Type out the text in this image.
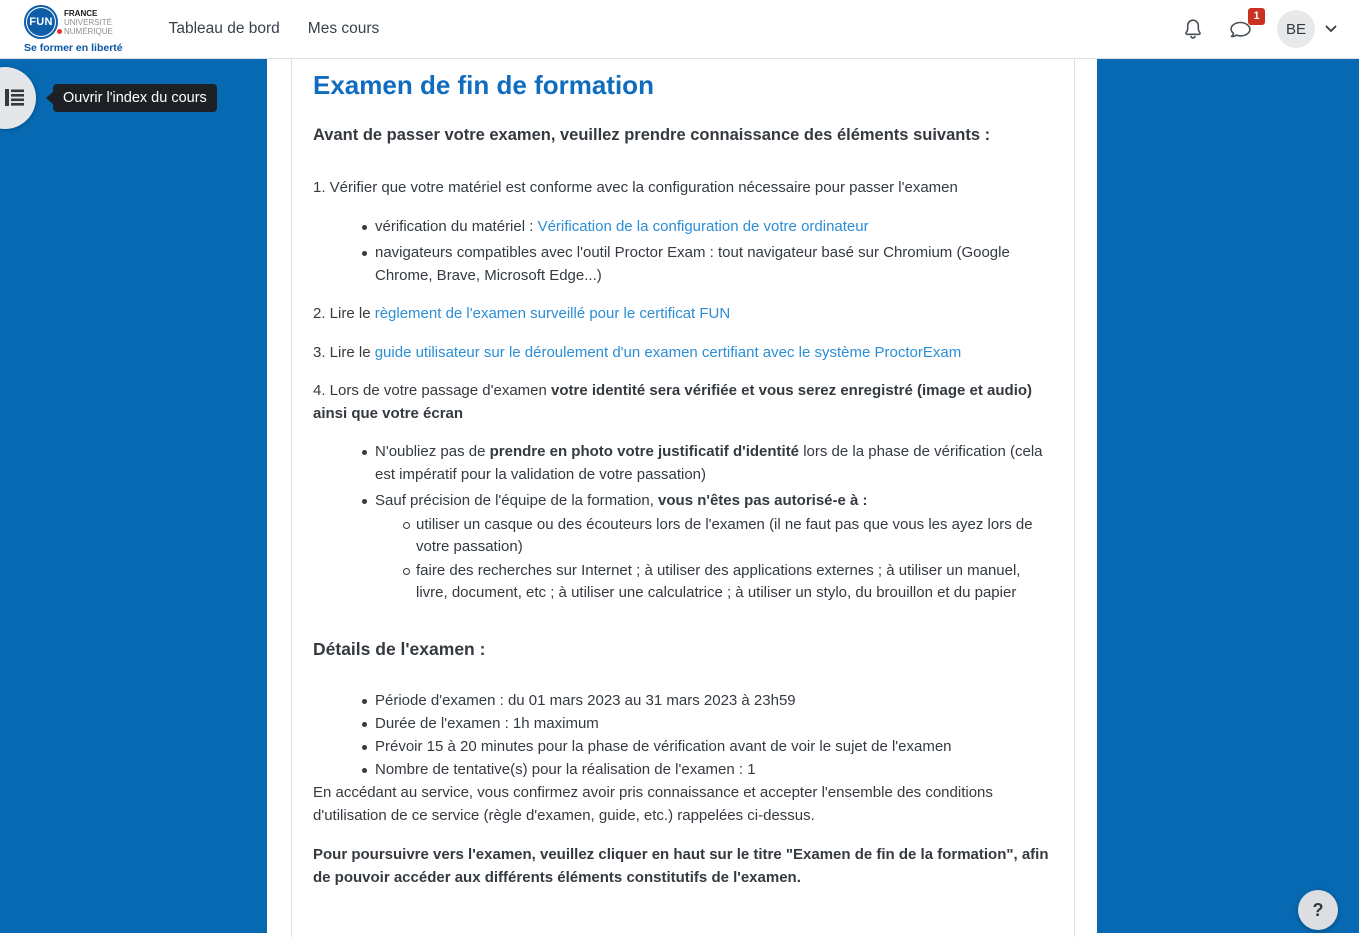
FUN
FRANCE
UNIVERSITÉ
NUMÉRIQUE
Se former en liberté
Tableau de bord Mes cours
1
BE
Ouvrir l'index du cours
?
Examen de fin de formation
Avant de passer votre examen, veuillez prendre connaissance des éléments suivants :

1. Vérifier que votre matériel est conforme avec la configuration nécessaire pour passer l'examen

vérification du matériel : Vérification de la configuration de votre ordinateur
navigateurs compatibles avec l'outil Proctor Exam : tout navigateur basé sur Chromium (Google Chrome, Brave, Microsoft Edge...)

2. Lire le règlement de l'examen surveillé pour le certificat FUN

3. Lire le guide utilisateur sur le déroulement d'un examen certifiant avec le système ProctorExam

4. Lors de votre passage d'examen votre identité sera vérifiée et vous serez enregistré (image et audio) ainsi que votre écran

N'oubliez pas de prendre en photo votre justificatif d'identité lors de la phase de vérification (cela est impératif pour la validation de votre passation)
Sauf précision de l'équipe de la formation, vous n'êtes pas autorisé-e à :
utiliser un casque ou des écouteurs lors de l'examen (il ne faut pas que vous les ayez lors de votre passation)
faire des recherches sur Internet ; à utiliser des applications externes ; à utiliser un manuel, livre, document, etc ; à utiliser une calculatrice ; à utiliser un stylo, du brouillon et du papier
Détails de l'examen :
Période d'examen : du 01 mars 2023 au 31 mars 2023 à 23h59
Durée de l'examen : 1h maximum
Prévoir 15 à 20 minutes pour la phase de vérification avant de voir le sujet de l'examen
Nombre de tentative(s) pour la réalisation de l'examen : 1

En accédant au service, vous confirmez avoir pris connaissance et accepter l'ensemble des conditions d'utilisation de ce service (règle d'examen, guide, etc.) rappelées ci-dessus.

Pour poursuivre vers l'examen, veuillez cliquer en haut sur le titre "Examen de fin de la formation", afin de pouvoir accéder aux différents éléments constitutifs de l'examen.
